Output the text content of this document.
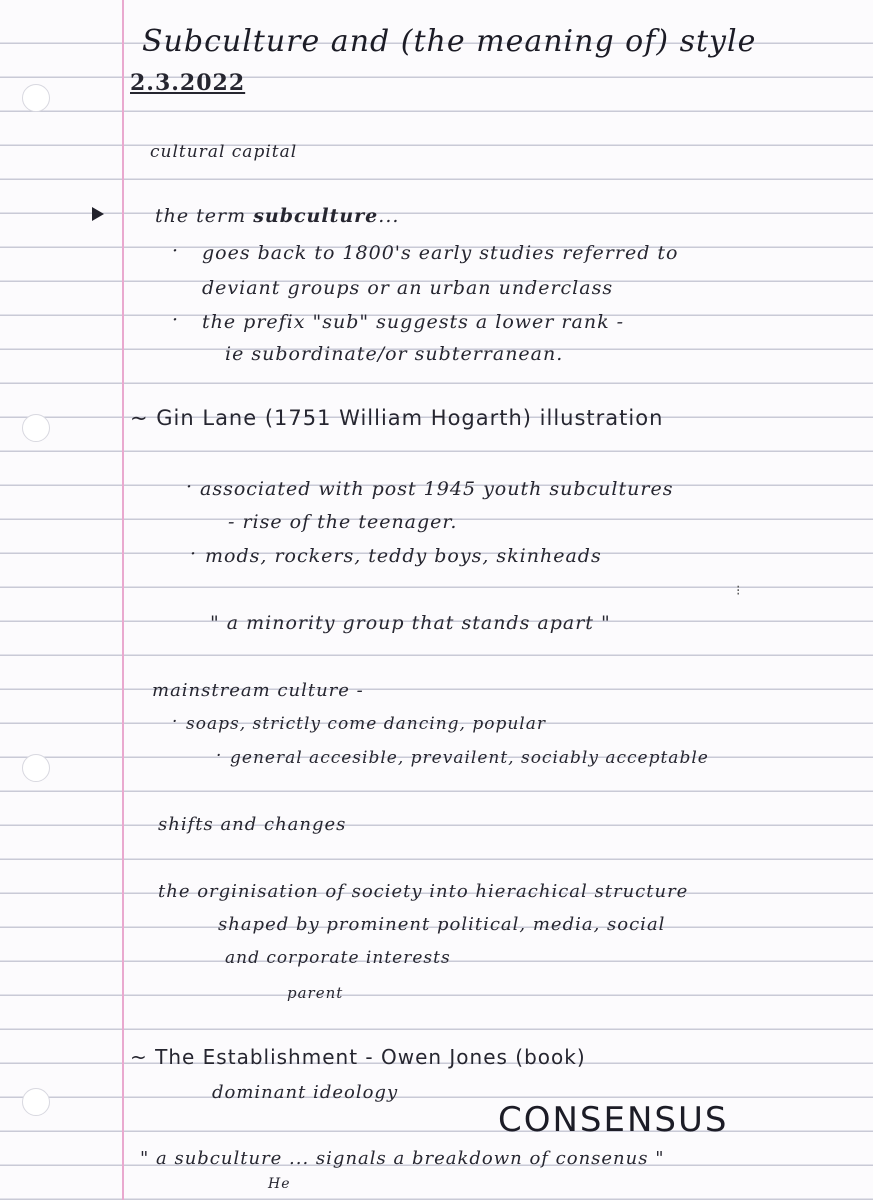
Subculture and (the meaning of) style
2.3.2022
cultural capital
the term subculture...
· goes back to 1800's early studies referred to
deviant groups or an urban underclass
· the prefix "sub" suggests a lower rank -
ie subordinate/or subterranean.
~ Gin Lane (1751 William Hogarth) illustration
· associated with post 1945 youth subcultures
- rise of the teenager.
· mods, rockers, teddy boys, skinheads
" a minority group that stands apart "
⁝
mainstream culture -
· soaps, strictly come dancing, popular
· general accesible, prevailent, sociably acceptable
shifts and changes
the orginisation of society into hierachical structure
shaped by prominent political, media, social
and corporate interests
parent
~ The Establishment - Owen Jones (book)
dominant ideology
CONSENSUS
" a subculture ... signals a breakdown of consenus "
He
